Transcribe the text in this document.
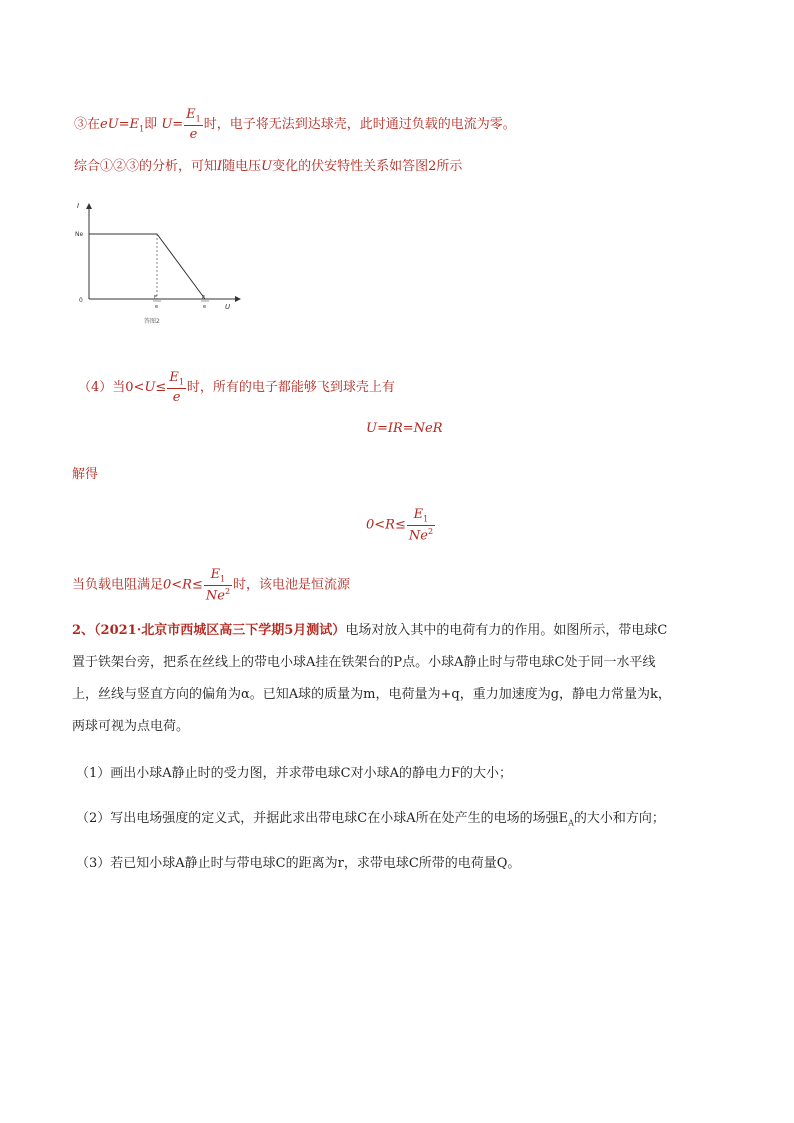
③在$eU=E_1$即 $U= \frac{E_1}{e}$ 时，电子将无法到达球壳，此时通过负载的电流为零。
综合①②③的分析，可知I随电压U变化的伏安特性关系如答图2所示
I
U
Ne
0	E
e
E
e
答图2
（4）当$0<U\le \frac{E_1}{e}$ 时，所有的电子都能够飞到球壳上有
U=IR=NeR
解得
$0<R\le \frac{E_1}{Ne^2}$
当负载电阻满足$0<R\le \frac{E_1}{Ne^2}$ 时，该电池是恒流源
2、（2021·北京市西城区高三下学期5月测试）电场对放入其中的电荷有力的作用。如图所示，带电球C
置于铁架台旁，把系在丝线上的带电小球A挂在铁架台的P点。小球A静止时与带电球C处于同一水平线
上，丝线与竖直方向的偏角为α。已知A球的质量为m，电荷量为+q，重力加速度为g，静电力常量为k，
两球可视为点电荷。
（1）画出小球A静止时的受力图，并求带电球C对小球A的静电力F的大小；
（2）写出电场强度的定义式，并据此求出带电球C在小球A所在处产生的电场的场强$E_A$的大小和方向；
（3）若已知小球A静止时与带电球C的距离为r，求带电球C所带的电荷量Q。
